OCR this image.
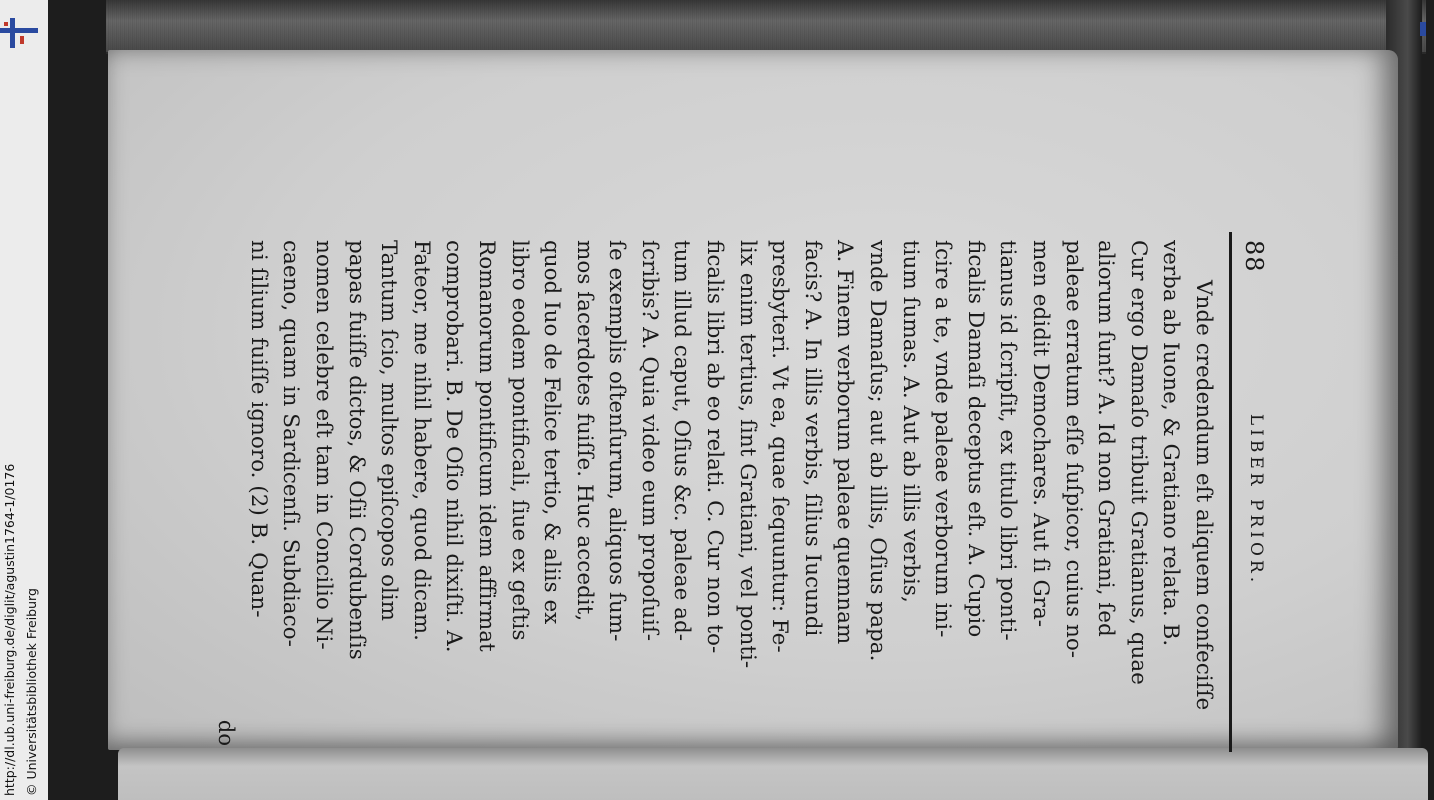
http://dl.ub.uni-freiburg.de/diglit/agustin1764-1/0176 © Universitätsbibliothek Freiburg
88
LIBER PRIOR.
Vnde credendum eſt aliquem confeciſſe
verba ab Iuone, & Gratiano relata. B.
Cur ergo Damaſo tribuit Gratianus, quae
aliorum ſunt? A. Id non Gratiani, ſed
paleae erratum eſſe ſuſpicor, cuius no-
men edidit Demochares. Aut ſi Gra-
tianus id ſcripſit, ex titulo libri ponti-
ficalis Damaſi deceptus eſt. A. Cupio
ſcire a te, vnde paleae verborum ini-
tium ſumas. A. Aut ab illis verbis,
vnde Damaſus; aut ab illis, Oſius papa.
A. Finem verborum paleae quemnam
facis? A. In illis verbis, ſilius Iucundi
presbyteri. Vt ea, quae ſequuntur: Fe-
lix enim tertius, ſint Gratiani, vel ponti-
ficalis libri ab eo relati. C. Cur non to-
tum illud caput, Oſius &c. paleae ad-
ſcribis? A. Quia video eum propoſuiſ-
ſe exemplis oſtenſurum, aliquos ſum-
mos ſacerdotes fuiſſe. Huc accedit,
quod Iuo de Felice tertio, & aliis ex
libro eodem pontificali, ſiue ex geſtis
Romanorum pontificum idem affirmat
comprobari. B. De Oſio nihil dixiſti. A.
Fateor, me nihil habere, quod dicam.
Tantum ſcio, multos epiſcopos olim
papas fuiſſe dictos, & Oſii Cordubenſis
nomen celebre eſt tam in Concilio Ni-
caeno, quam in Sardicenſi. Subdiaco-
ni ſilium fuiſſe ignoro. (2) B. Quan-
do
